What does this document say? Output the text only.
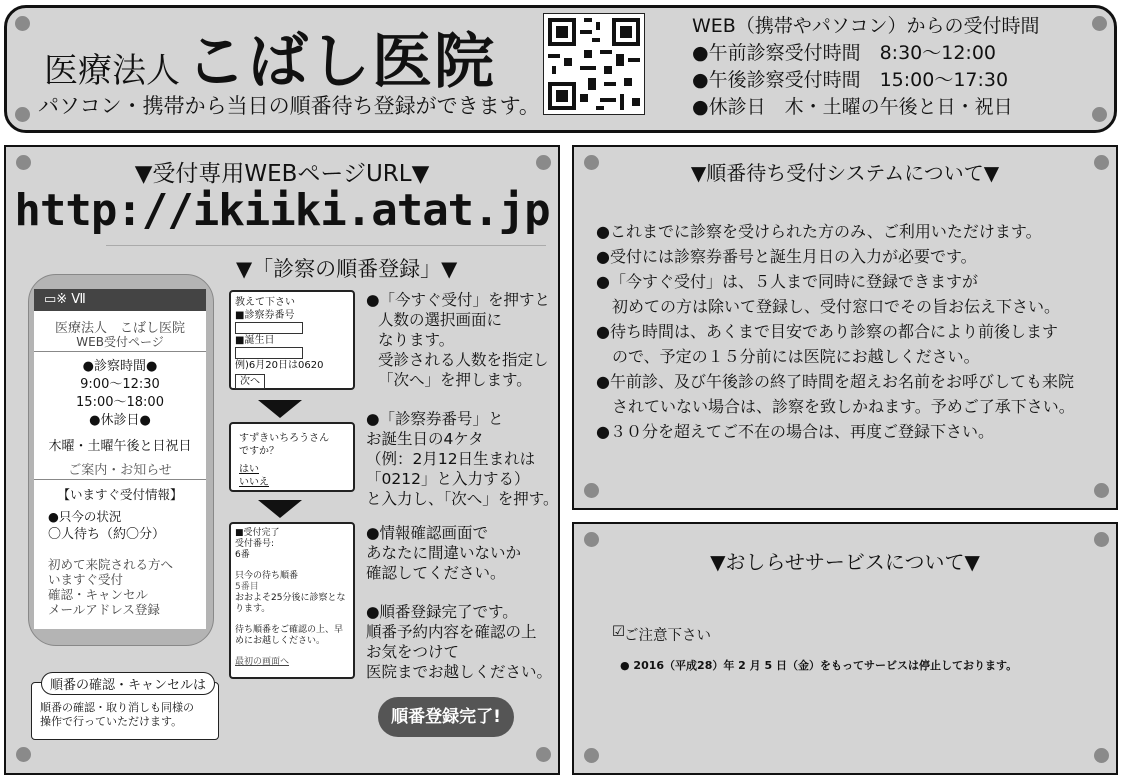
医療法人 こばし医院
パソコン・携帯から当日の順番待ち登録ができます。
WEB（携帯やパソコン）からの受付時間
●午前診察受付時間　8:30～12:00
●午後診察受付時間　15:00～17:30
●休診日　木・土曜の午後と日・祝日
▼受付専用WEBページURL▼
http://ikiiki.atat.jp
▼「診察の順番登録」▼
医療法人　こばし医院
WEB受付ページ
●診察時間●
9:00～12:30
15:00～18:00
●休診日●
木曜・土曜午後と日祝日
ご案内・お知らせ
【いますぐ受付情報】
●只今の状況
〇人待ち（約〇分）
初めて来院される方へ
いますぐ受付
確認・キャンセル
メールアドレス登録
▭※ Ⅶ	教えて下さい
■診察券番号
■誕生日
例)6月20日は0620
次へ
すずきいちろうさん
ですか？
はい
いいえ
■受付完了
受付番号:
6番
只今の待ち順番
5番目
おおよそ25分後に診察とな
ります。
待ち順番をご確認の上、早
めにお越しください。
最初の画面へ
●「今すぐ受付」を押すと
人数の選択画面に
なります。
受診される人数を指定し
「次へ」を押します。
●「診察券番号」と
お誕生日の4ケタ
（例：2月12日生まれは
「0212」と入力する）
と入力し、「次へ」を押す。
●情報確認画面で
あなたに間違いないか
確認してください。
●順番登録完了です。
順番予約内容を確認の上
お気をつけて
医院までお越しください。
順番の確認・キャンセルは
順番の確認・取り消しも同様の
操作で行っていただけます。	順番登録完了!
▼順番待ち受付システムについて▼
●これまでに診察を受けられた方のみ、ご利用いただけます。
●受付には診察券番号と誕生月日の入力が必要です。
●「今すぐ受付」は、５人まで同時に登録できますが
　初めての方は除いて登録し、受付窓口でその旨お伝え下さい。
●待ち時間は、あくまで目安であり診察の都合により前後します
　ので、予定の１５分前には医院にお越しください。
●午前診、及び午後診の終了時間を超えお名前をお呼びしても来院
　されていない場合は、診察を致しかねます。予めご了承下さい。
●３０分を超えてご不在の場合は、再度ご登録下さい。
▼おしらせサービスについて▼
☑ ご注意下さい
● 2016（平成28）年 2 月 5 日（金）をもってサービスは停止しております。
